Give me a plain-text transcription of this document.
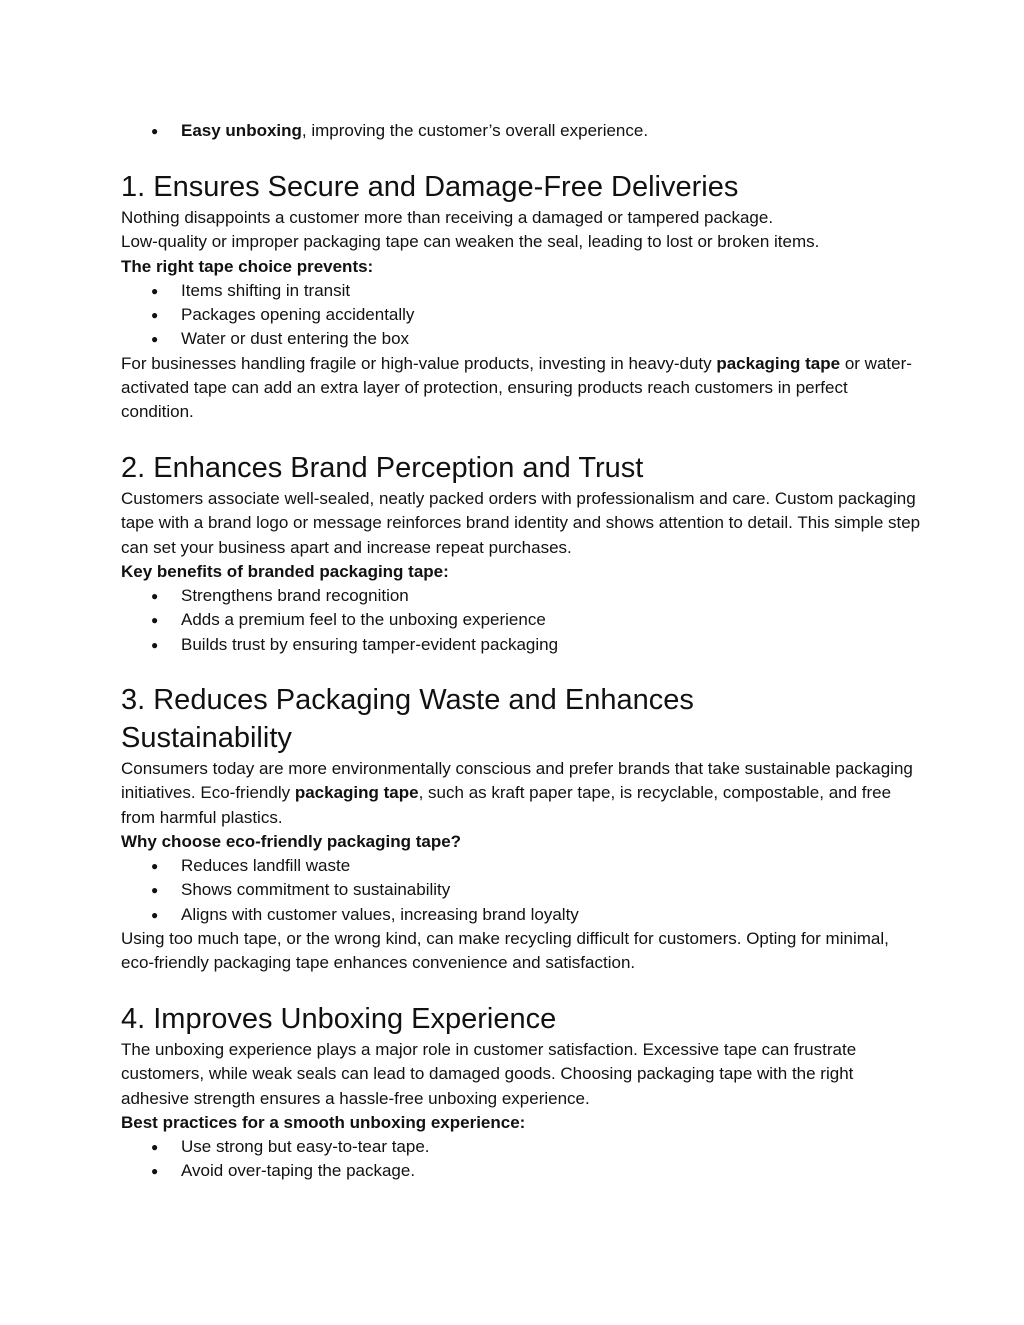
● Easy unboxing, improving the customer’s overall experience.
1. Ensures Secure and Damage-Free Deliveries

Nothing disappoints a customer more than receiving a damaged or tampered package.

Low-quality or improper packaging tape can weaken the seal, leading to lost or broken items.

The right tape choice prevents:

● Items shifting in transit
● Packages opening accidentally
● Water or dust entering the box

For businesses handling fragile or high-value products, investing in heavy-duty packaging tape or water-activated tape can add an extra layer of protection, ensuring products reach customers in perfect condition.

2. Enhances Brand Perception and Trust

Customers associate well-sealed, neatly packed orders with professionalism and care. Custom packaging tape with a brand logo or message reinforces brand identity and shows attention to detail. This simple step can set your business apart and increase repeat purchases.

Key benefits of branded packaging tape:

● Strengthens brand recognition
● Adds a premium feel to the unboxing experience
● Builds trust by ensuring tamper-evident packaging
3. Reduces Packaging Waste and Enhances
Sustainability

Consumers today are more environmentally conscious and prefer brands that take sustainable packaging initiatives. Eco-friendly packaging tape, such as kraft paper tape, is recyclable, compostable, and free from harmful plastics.

Why choose eco-friendly packaging tape?

● Reduces landfill waste
● Shows commitment to sustainability
● Aligns with customer values, increasing brand loyalty

Using too much tape, or the wrong kind, can make recycling difficult for customers. Opting for minimal, eco-friendly packaging tape enhances convenience and satisfaction.

4. Improves Unboxing Experience

The unboxing experience plays a major role in customer satisfaction. Excessive tape can frustrate customers, while weak seals can lead to damaged goods. Choosing packaging tape with the right adhesive strength ensures a hassle-free unboxing experience.

Best practices for a smooth unboxing experience:

● Use strong but easy-to-tear tape.
● Avoid over-taping the package.
